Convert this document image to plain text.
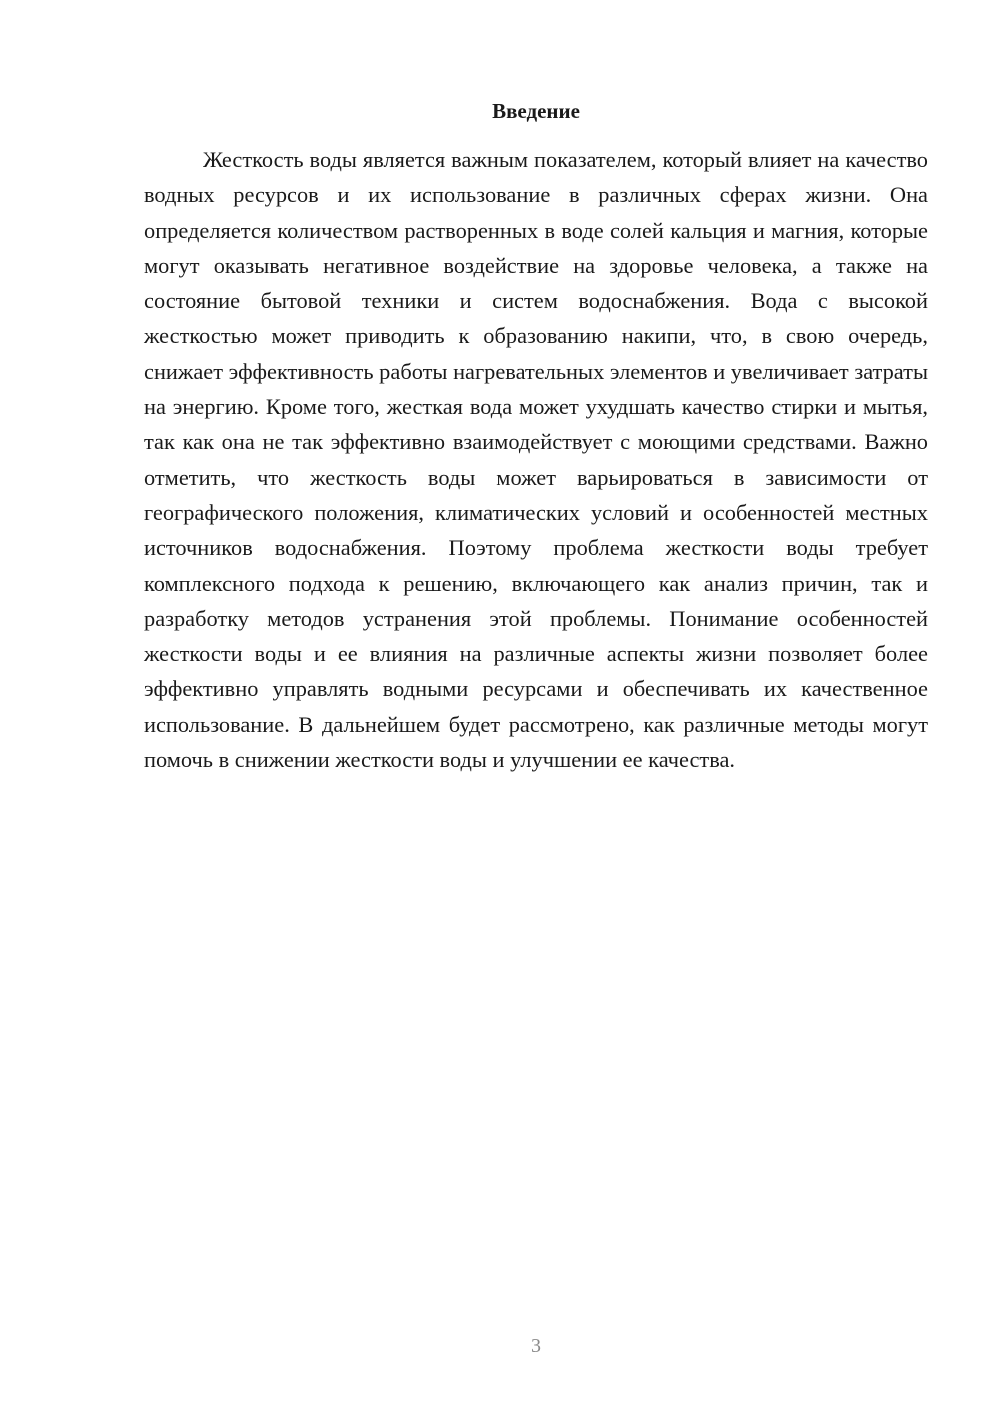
Введение

Жесткость воды является важным показателем, который влияет на качество водных ресурсов и их использование в различных сферах жизни. Она определяется количеством растворенных в воде солей кальция и магния, которые могут оказывать негативное воздействие на здоровье человека, а также на состояние бытовой техники и систем водоснабжения. Вода с высокой жесткостью может приводить к образованию накипи, что, в свою очередь, снижает эффективность работы нагревательных элементов и увеличивает затраты на энергию. Кроме того, жесткая вода может ухудшать качество стирки и мытья, так как она не так эффективно взаимодействует с моющими средствами. Важно отметить, что жесткость воды может варьироваться в зависимости от географического положения, климатических условий и особенностей местных источников водоснабжения. Поэтому проблема жесткости воды требует комплексного подхода к решению, включающего как анализ причин, так и разработку методов устранения этой проблемы. Понимание особенностей жесткости воды и ее влияния на различные аспекты жизни позволяет более эффективно управлять водными ресурсами и обеспечивать их качественное использование. В дальнейшем будет рассмотрено, как различные методы могут помочь в снижении жесткости воды и улучшении ее качества.

3
